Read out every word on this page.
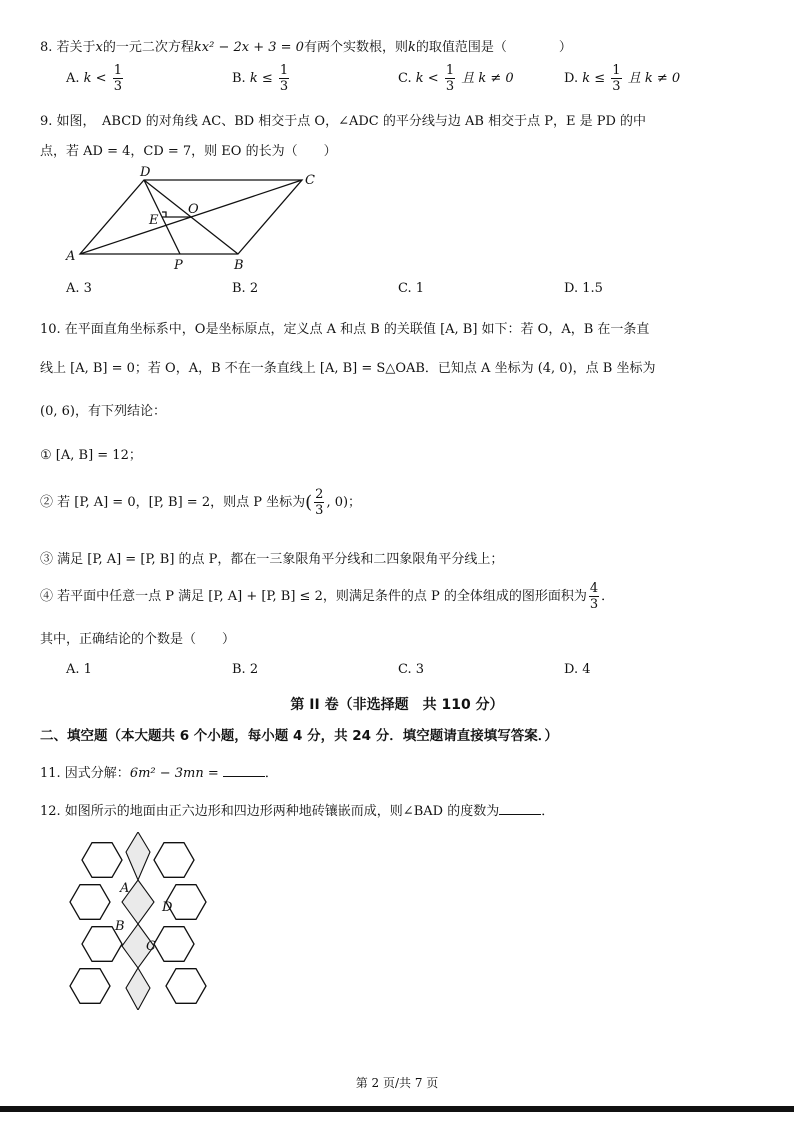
8. 若关于x的一元二次方程kx² − 2x + 3 = 0有两个实数根，则k的取值范围是（　　　　）
A. $k < \frac{1}{3}$	B. $k \le \frac{1}{3}$	C. $k < \frac{1}{3}$ 且 k ≠ 0	D. $k \le \frac{1}{3}$ 且 k ≠ 0
9. 如图，　ABCD 的对角线 AC、BD 相交于点 O，∠ADC 的平分线与边 AB 相交于点 P，E 是 PD 的中
点，若 AD = 4，CD = 7，则 EO 的长为（　　）
A
B
C
D
O
E
P
A. 3	B. 2	C. 1	D. 1.5
10. 在平面直角坐标系中，O是坐标原点，定义点 A 和点 B 的关联值 [A, B] 如下：若 O，A，B 在一条直
线上 [A, B] = 0；若 O，A，B 不在一条直线上 [A, B] = S△OAB．已知点 A 坐标为 (4, 0)，点 B 坐标为
(0, 6)，有下列结论：
① [A, B] = 12；
② 若 [P, A] = 0，[P, B] = 2，则点 P 坐标为( $\frac{2}{3}$ , 0)；
③ 满足 [P, A] = [P, B] 的点 P，都在一三象限角平分线和二四象限角平分线上；
④ 若平面中任意一点 P 满足 [P, A] + [P, B] ≤ 2，则满足条件的点 P 的全体组成的图形面积为 $\frac{4}{3}$ ．
其中，正确结论的个数是（　　）
A. 1	B. 2	C. 3	D. 4
第 II 卷（非选择题　共 110 分）
二、填空题（本大题共 6 个小题，每小题 4 分，共 24 分．填空题请直接填写答案．）
11. 因式分解：6m² − 3mn =	．
12. 如图所示的地面由正六边形和四边形两种地砖镶嵌而成，则∠BAD 的度数为	．
A
D
B
C
第 2 页/共 7 页
